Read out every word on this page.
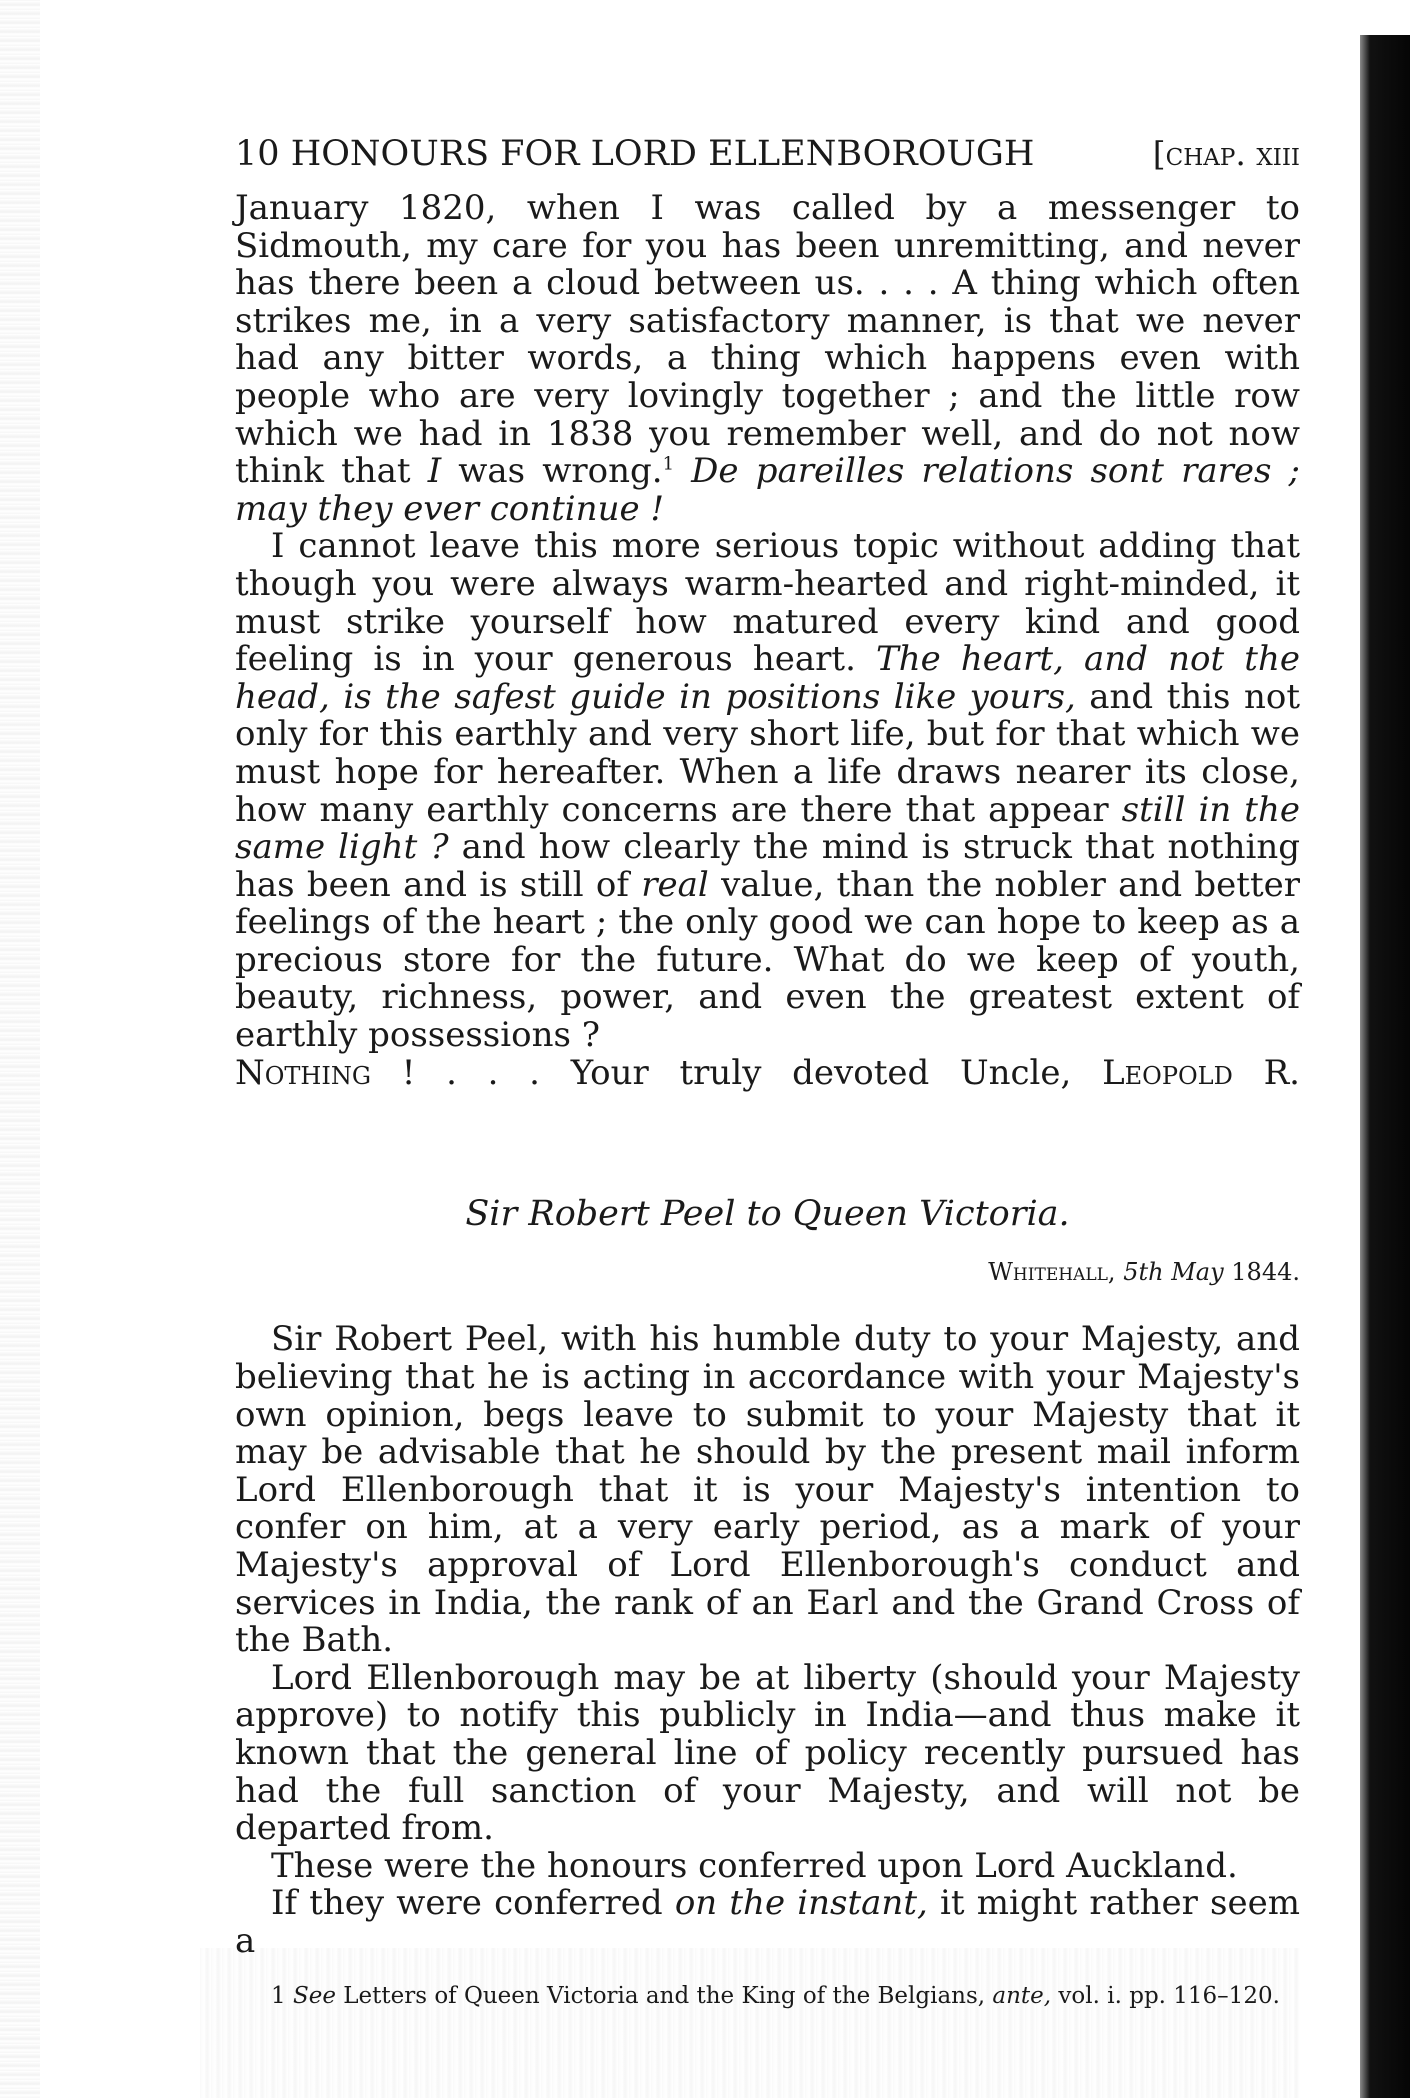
10 HONOURS FOR LORD ELLENBOROUGH	[chap. xiii

January 1820, when I was called by a messenger to Sidmouth, my care for you has been unremitting, and never has there been a cloud between us. . . . A thing which often strikes me, in a very satisfactory manner, is that we never had any bitter words, a thing which happens even with people who are very lovingly together ; and the little row which we had in 1838 you remember well, and do not now think that I was wrong.$^1$ De pareilles relations sont rares ; may they ever continue !

I cannot leave this more serious topic without adding that though you were always warm-hearted and right-minded, it must strike yourself how matured every kind and good feeling is in your generous heart. The heart, and not the head, is the safest guide in positions like yours, and this not only for this earthly and very short life, but for that which we must hope for hereafter. When a life draws nearer its close, how many earthly concerns are there that appear still in the same light ? and how clearly the mind is struck that nothing has been and is still of real value, than the nobler and better feelings of the heart ; the only good we can hope to keep as a precious store for the future. What do we keep of youth, beauty, richness, power, and even the greatest extent of earthly possessions ?

Nothing ! . . . Your truly devoted Uncle, Leopold R.

Sir Robert Peel to Queen Victoria.
Whitehall, 5th May 1844.

Sir Robert Peel, with his humble duty to your Majesty, and believing that he is acting in accordance with your Majesty's own opinion, begs leave to submit to your Majesty that it may be advisable that he should by the present mail inform Lord Ellenborough that it is your Majesty's intention to confer on him, at a very early period, as a mark of your Majesty's approval of Lord Ellenborough's conduct and services in India, the rank of an Earl and the Grand Cross of the Bath.

Lord Ellenborough may be at liberty (should your Majesty approve) to notify this publicly in India—and thus make it known that the general line of policy recently pursued has had the full sanction of your Majesty, and will not be departed from.

These were the honours conferred upon Lord Auckland.

If they were conferred on the instant, it might rather seem a

1 See Letters of Queen Victoria and the King of the Belgians, ante, vol. i. pp. 116–120.
